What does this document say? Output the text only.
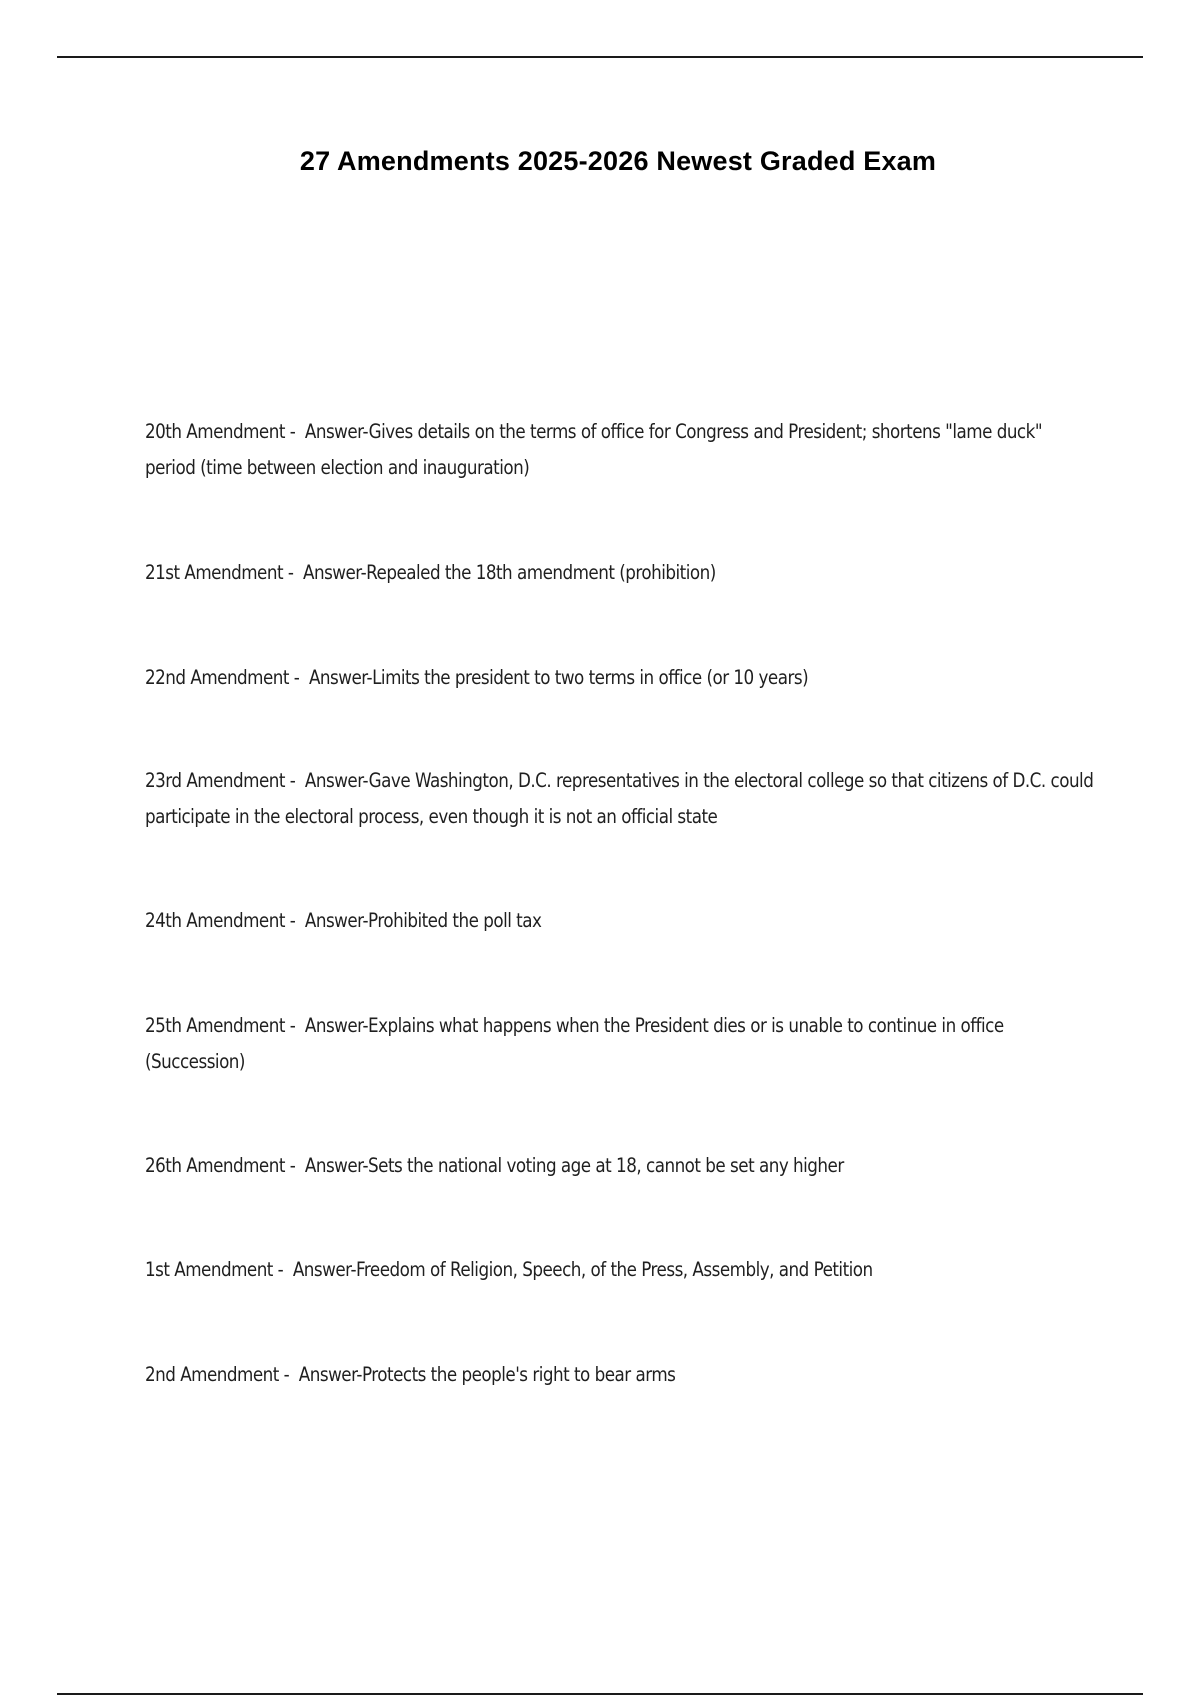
27 Amendments 2025-2026 Newest Graded Exam
20th Amendment -  Answer-Gives details on the terms of office for Congress and President; shortens "lame duck" period (time between election and inauguration)
21st Amendment -  Answer-Repealed the 18th amendment (prohibition)
22nd Amendment -  Answer-Limits the president to two terms in office (or 10 years)
23rd Amendment -  Answer-Gave Washington, D.C. representatives in the electoral college so that citizens of D.C. could participate in the electoral process, even though it is not an official state
24th Amendment -  Answer-Prohibited the poll tax
25th Amendment -  Answer-Explains what happens when the President dies or is unable to continue in office (Succession)
26th Amendment -  Answer-Sets the national voting age at 18, cannot be set any higher
1st Amendment -  Answer-Freedom of Religion, Speech, of the Press, Assembly, and Petition
2nd Amendment -  Answer-Protects the people's right to bear arms
